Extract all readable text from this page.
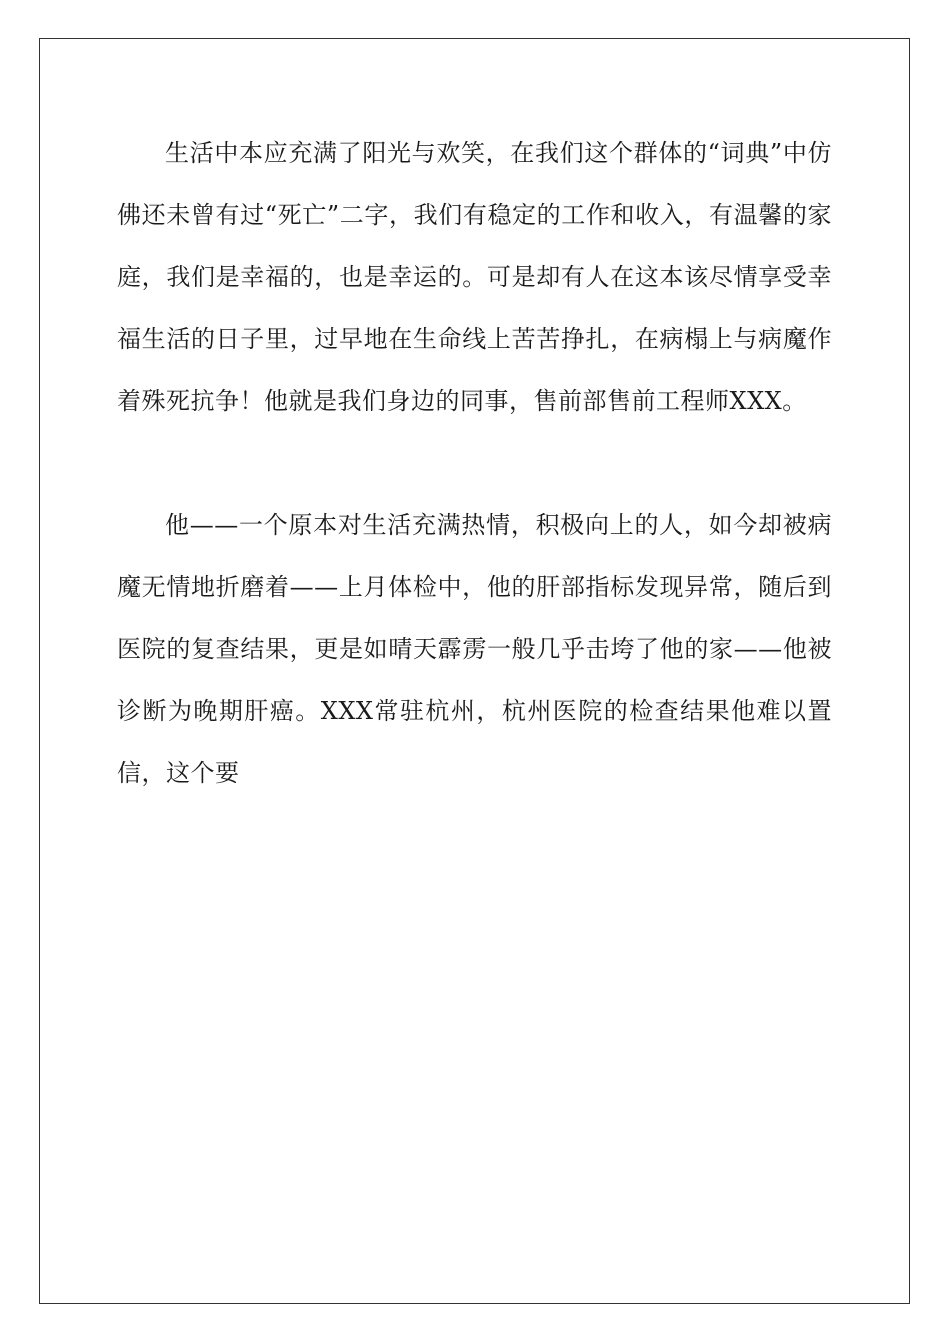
生活中本应充满了阳光与欢笑，在我们这个群体的“词典”中仿佛还未曾有过“死亡”二字，我们有稳定的工作和收入，有温馨的家庭，我们是幸福的，也是幸运的。可是却有人在这本该尽情享受幸福生活的日子里，过早地在生命线上苦苦挣扎，在病榻上与病魔作着殊死抗争！他就是我们身边的同事，售前部售前工程师XXX。

他——一个原本对生活充满热情，积极向上的人，如今却被病魔无情地折磨着——上月体检中，他的肝部指标发现异常，随后到医院的复查结果，更是如晴天霹雳一般几乎击垮了他的家——他被诊断为晚期肝癌。XXX常驻杭州，杭州医院的检查结果他难以置信，这个要
